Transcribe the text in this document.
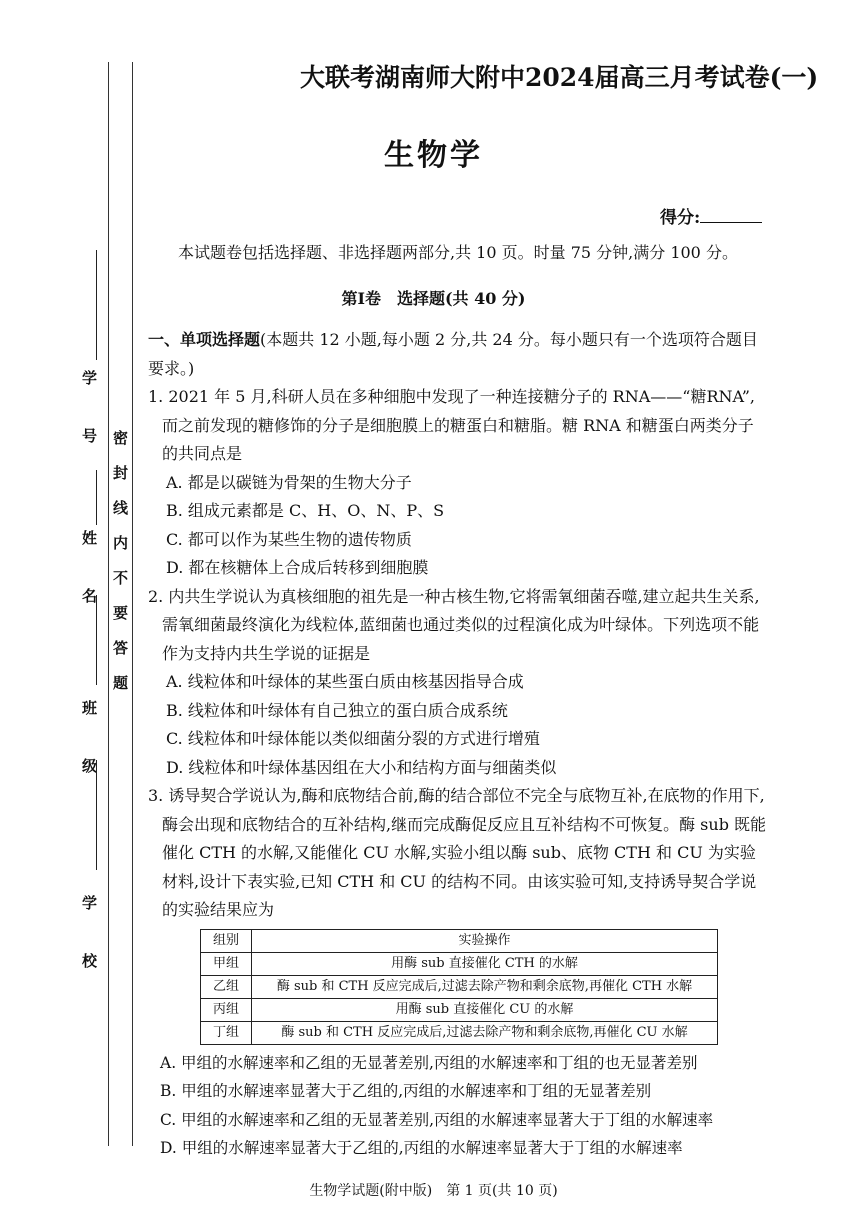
学　号
姓　名
班　级
学　校
密封线内不要答题
大联考湖南师大附中2024届高三月考试卷(一)
生物学
得分:
本试题卷包括选择题、非选择题两部分,共 10 页。时量 75 分钟,满分 100 分。
第Ⅰ卷　选择题(共 40 分)
一、单项选择题(本题共 12 小题,每小题 2 分,共 24 分。每小题只有一个选项符合题目要求。)
1. 2021 年 5 月,科研人员在多种细胞中发现了一种连接糖分子的 RNA——“糖RNA”,而之前发现的糖修饰的分子是细胞膜上的糖蛋白和糖脂。糖 RNA 和糖蛋白两类分子的共同点是
A. 都是以碳链为骨架的生物大分子
B. 组成元素都是 C、H、O、N、P、S
C. 都可以作为某些生物的遗传物质
D. 都在核糖体上合成后转移到细胞膜
2. 内共生学说认为真核细胞的祖先是一种古核生物,它将需氧细菌吞噬,建立起共生关系,需氧细菌最终演化为线粒体,蓝细菌也通过类似的过程演化成为叶绿体。下列选项不能作为支持内共生学说的证据是
A. 线粒体和叶绿体的某些蛋白质由核基因指导合成
B. 线粒体和叶绿体有自己独立的蛋白质合成系统
C. 线粒体和叶绿体能以类似细菌分裂的方式进行增殖
D. 线粒体和叶绿体基因组在大小和结构方面与细菌类似
3. 诱导契合学说认为,酶和底物结合前,酶的结合部位不完全与底物互补,在底物的作用下,酶会出现和底物结合的互补结构,继而完成酶促反应且互补结构不可恢复。酶 sub 既能催化 CTH 的水解,又能催化 CU 水解,实验小组以酶 sub、底物 CTH 和 CU 为实验材料,设计下表实验,已知 CTH 和 CU 的结构不同。由该实验可知,支持诱导契合学说的实验结果应为
组别	实验操作
甲组	用酶 sub 直接催化 CTH 的水解
乙组	酶 sub 和 CTH 反应完成后,过滤去除产物和剩余底物,再催化 CTH 水解
丙组	用酶 sub 直接催化 CU 的水解
丁组	酶 sub 和 CTH 反应完成后,过滤去除产物和剩余底物,再催化 CU 水解
A. 甲组的水解速率和乙组的无显著差别,丙组的水解速率和丁组的也无显著差别
B. 甲组的水解速率显著大于乙组的,丙组的水解速率和丁组的无显著差别
C. 甲组的水解速率和乙组的无显著差别,丙组的水解速率显著大于丁组的水解速率
D. 甲组的水解速率显著大于乙组的,丙组的水解速率显著大于丁组的水解速率
生物学试题(附中版)　第 1 页(共 10 页)
